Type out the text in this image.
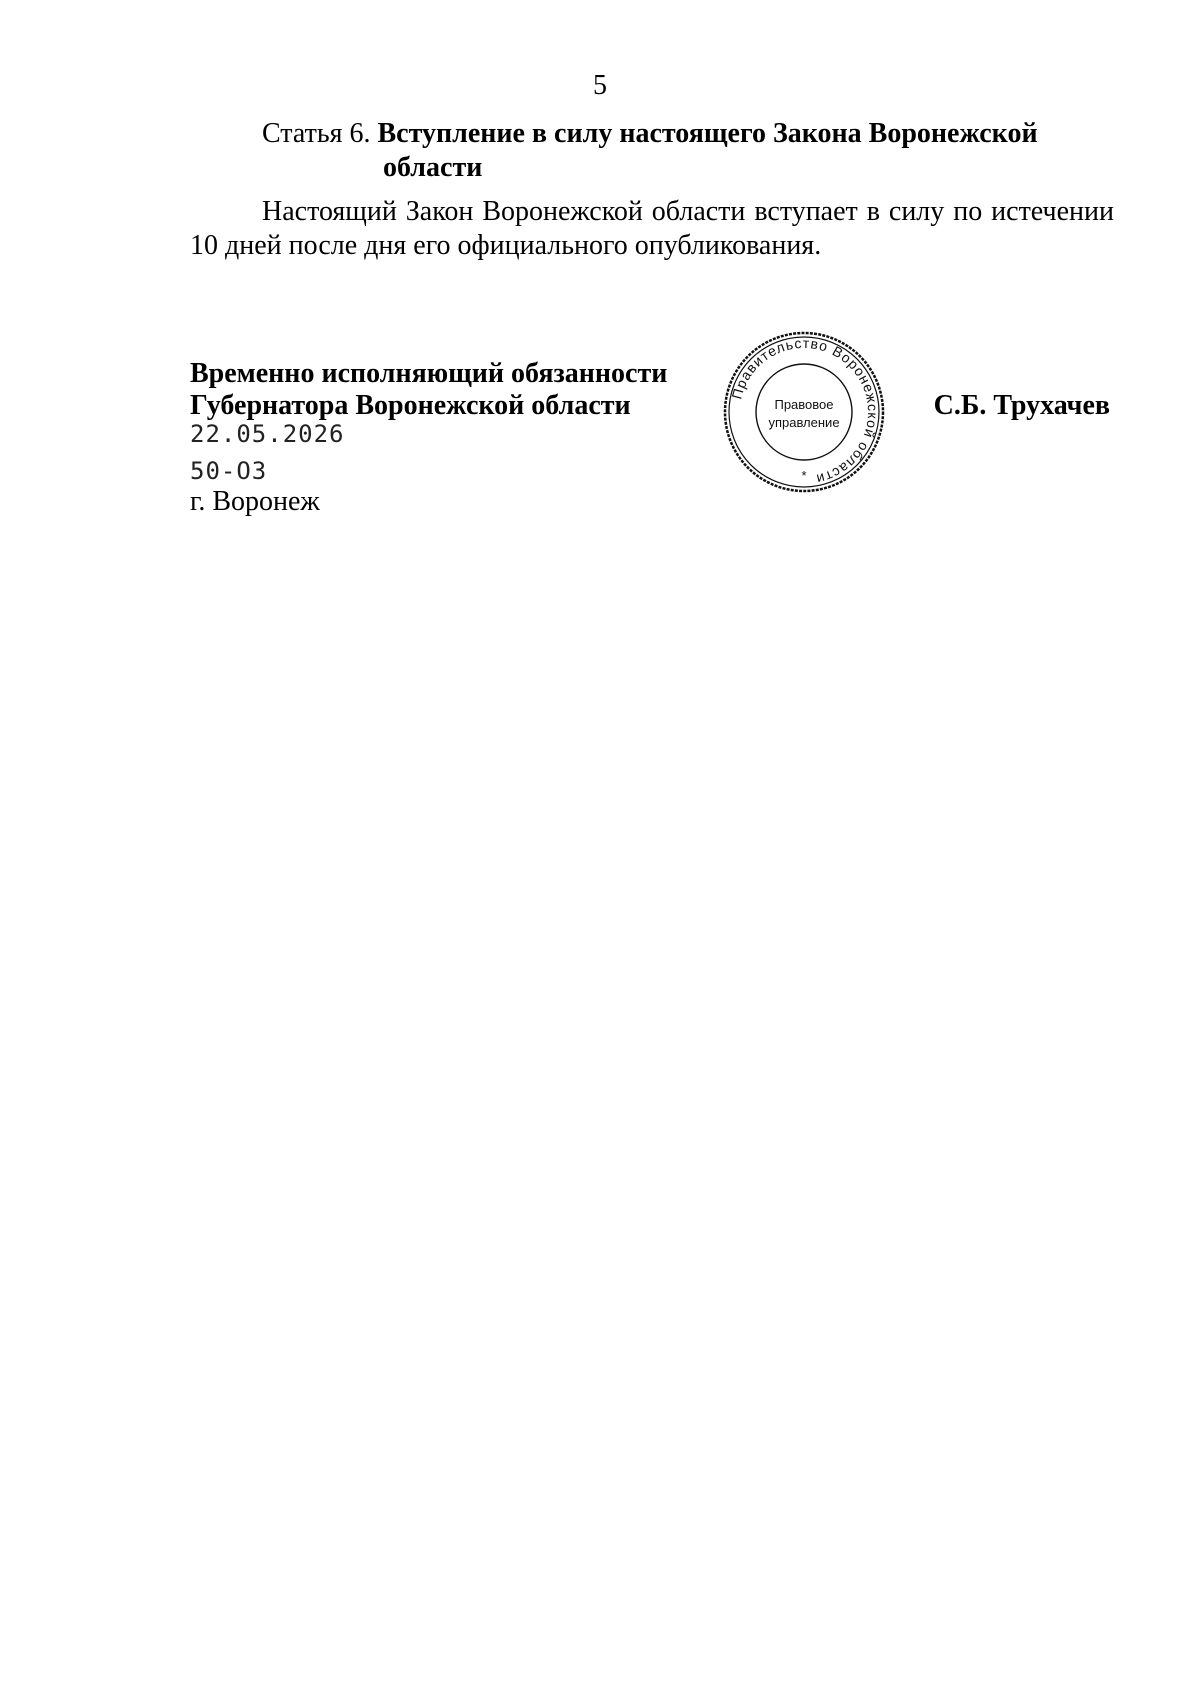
5
Статья 6. Вступление в силу настоящего Закона Воронежской
области
Настоящий Закон Воронежской области вступает в силу по истечении 10 дней после дня его официального опубликования.
Временно исполняющий обязанности
Губернатора Воронежской области	С.Б. Трухачев
22.05.2026
50-ОЗ
г. Воронеж
Правительство Воронежской области
Правовое
управление
*
